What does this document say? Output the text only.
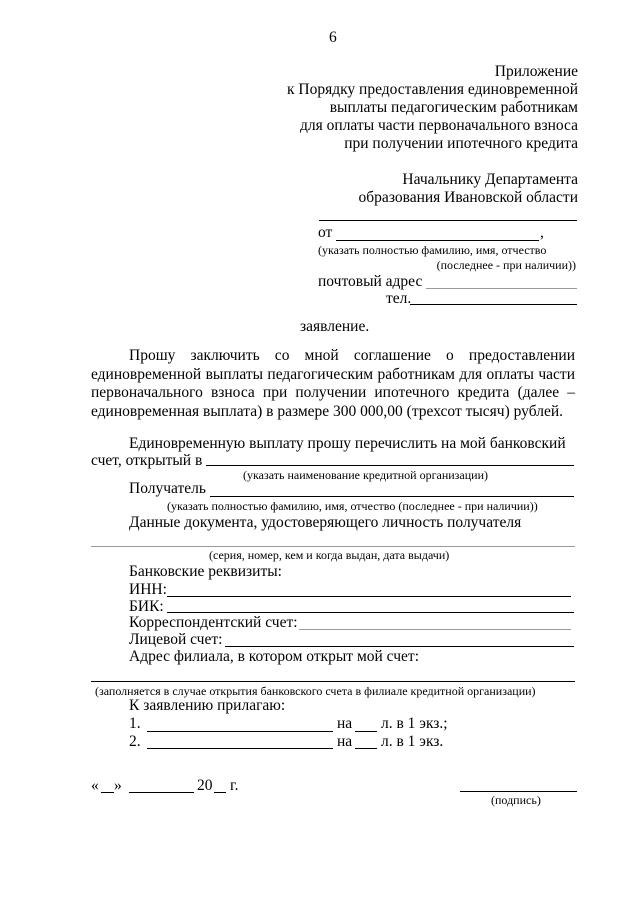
6
Приложение
к Порядку предоставления единовременной
выплаты педагогическим работникам
для оплаты части первоначального взноса
при получении ипотечного кредита
Начальнику Департамента
образования Ивановской области
от	,
(указать полностью фамилию, имя, отчество
(последнее - при наличии))
почтовый адрес
тел.
заявление.
Прошу заключить со мной соглашение о предоставлении единовременной выплаты педагогическим работникам для оплаты части первоначального взноса при получении ипотечного кредита (далее – единовременная выплата) в размере 300 000,00 (трехсот тысяч) рублей.
Единовременную выплату прошу перечислить на мой банковский
счет, открытый в
(указать наименование кредитной организации)
Получатель
(указать полностью фамилию, имя, отчество (последнее - при наличии))
Данные документа, удостоверяющего личность получателя
(серия, номер, кем и когда выдан, дата выдачи)
Банковские реквизиты:
ИНН:
БИК:
Корреспондентский счет:
Лицевой счет:
Адрес филиала, в котором открыт мой счет:
(заполняется в случае открытия банковского счета в филиале кредитной организации)
К заявлению прилагаю:
1.	на л. в 1 экз.;
2.	на л. в 1 экз.
« »	20 г.
(подпись)
